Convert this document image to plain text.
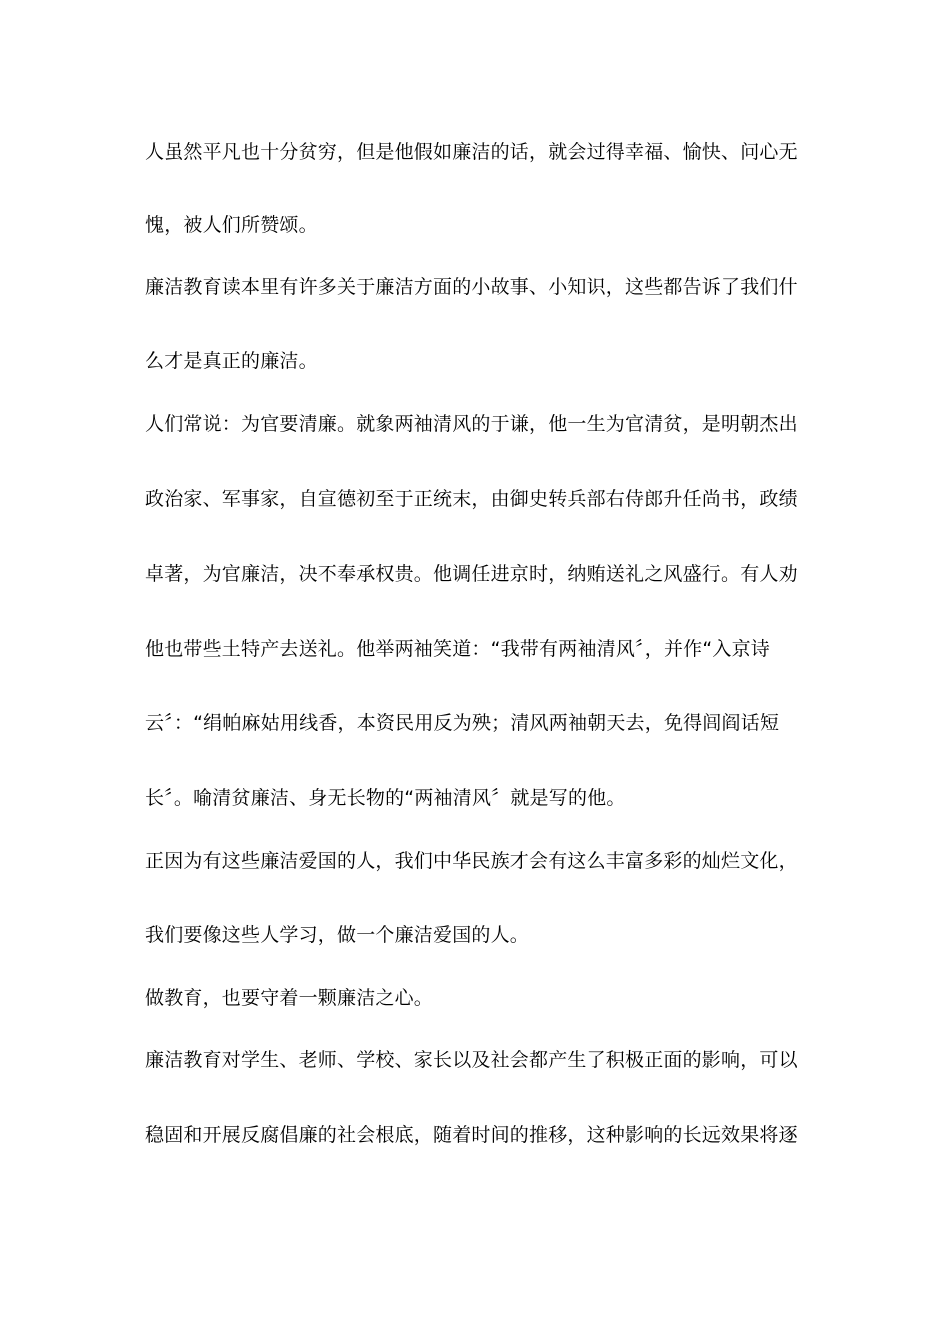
人虽然平凡也十分贫穷，但是他假如廉洁的话，就会过得幸福、愉快、问心无
愧，被人们所赞颂。
廉洁教育读本里有许多关于廉洁方面的小故事、小知识，这些都告诉了我们什
么才是真正的廉洁。
人们常说：为官要清廉。就象两袖清风的于谦，他一生为官清贫，是明朝杰出
政治家、军事家，自宣德初至于正统末，由御史转兵部右侍郎升任尚书，政绩
卓著，为官廉洁，决不奉承权贵。他调任进京时，纳贿送礼之风盛行。有人劝
他也带些土特产去送礼。他举两袖笑道：“我带有两袖清风〞，并作“入京诗
云〞：“绢帕麻姑用线香，本资民用反为殃；清风两袖朝天去，免得闾阎话短
长〞。喻清贫廉洁、身无长物的“两袖清风〞就是写的他。
正因为有这些廉洁爱国的人，我们中华民族才会有这么丰富多彩的灿烂文化，
我们要像这些人学习，做一个廉洁爱国的人。
做教育，也要守着一颗廉洁之心。
廉洁教育对学生、老师、学校、家长以及社会都产生了积极正面的影响，可以
稳固和开展反腐倡廉的社会根底，随着时间的推移，这种影响的长远效果将逐
